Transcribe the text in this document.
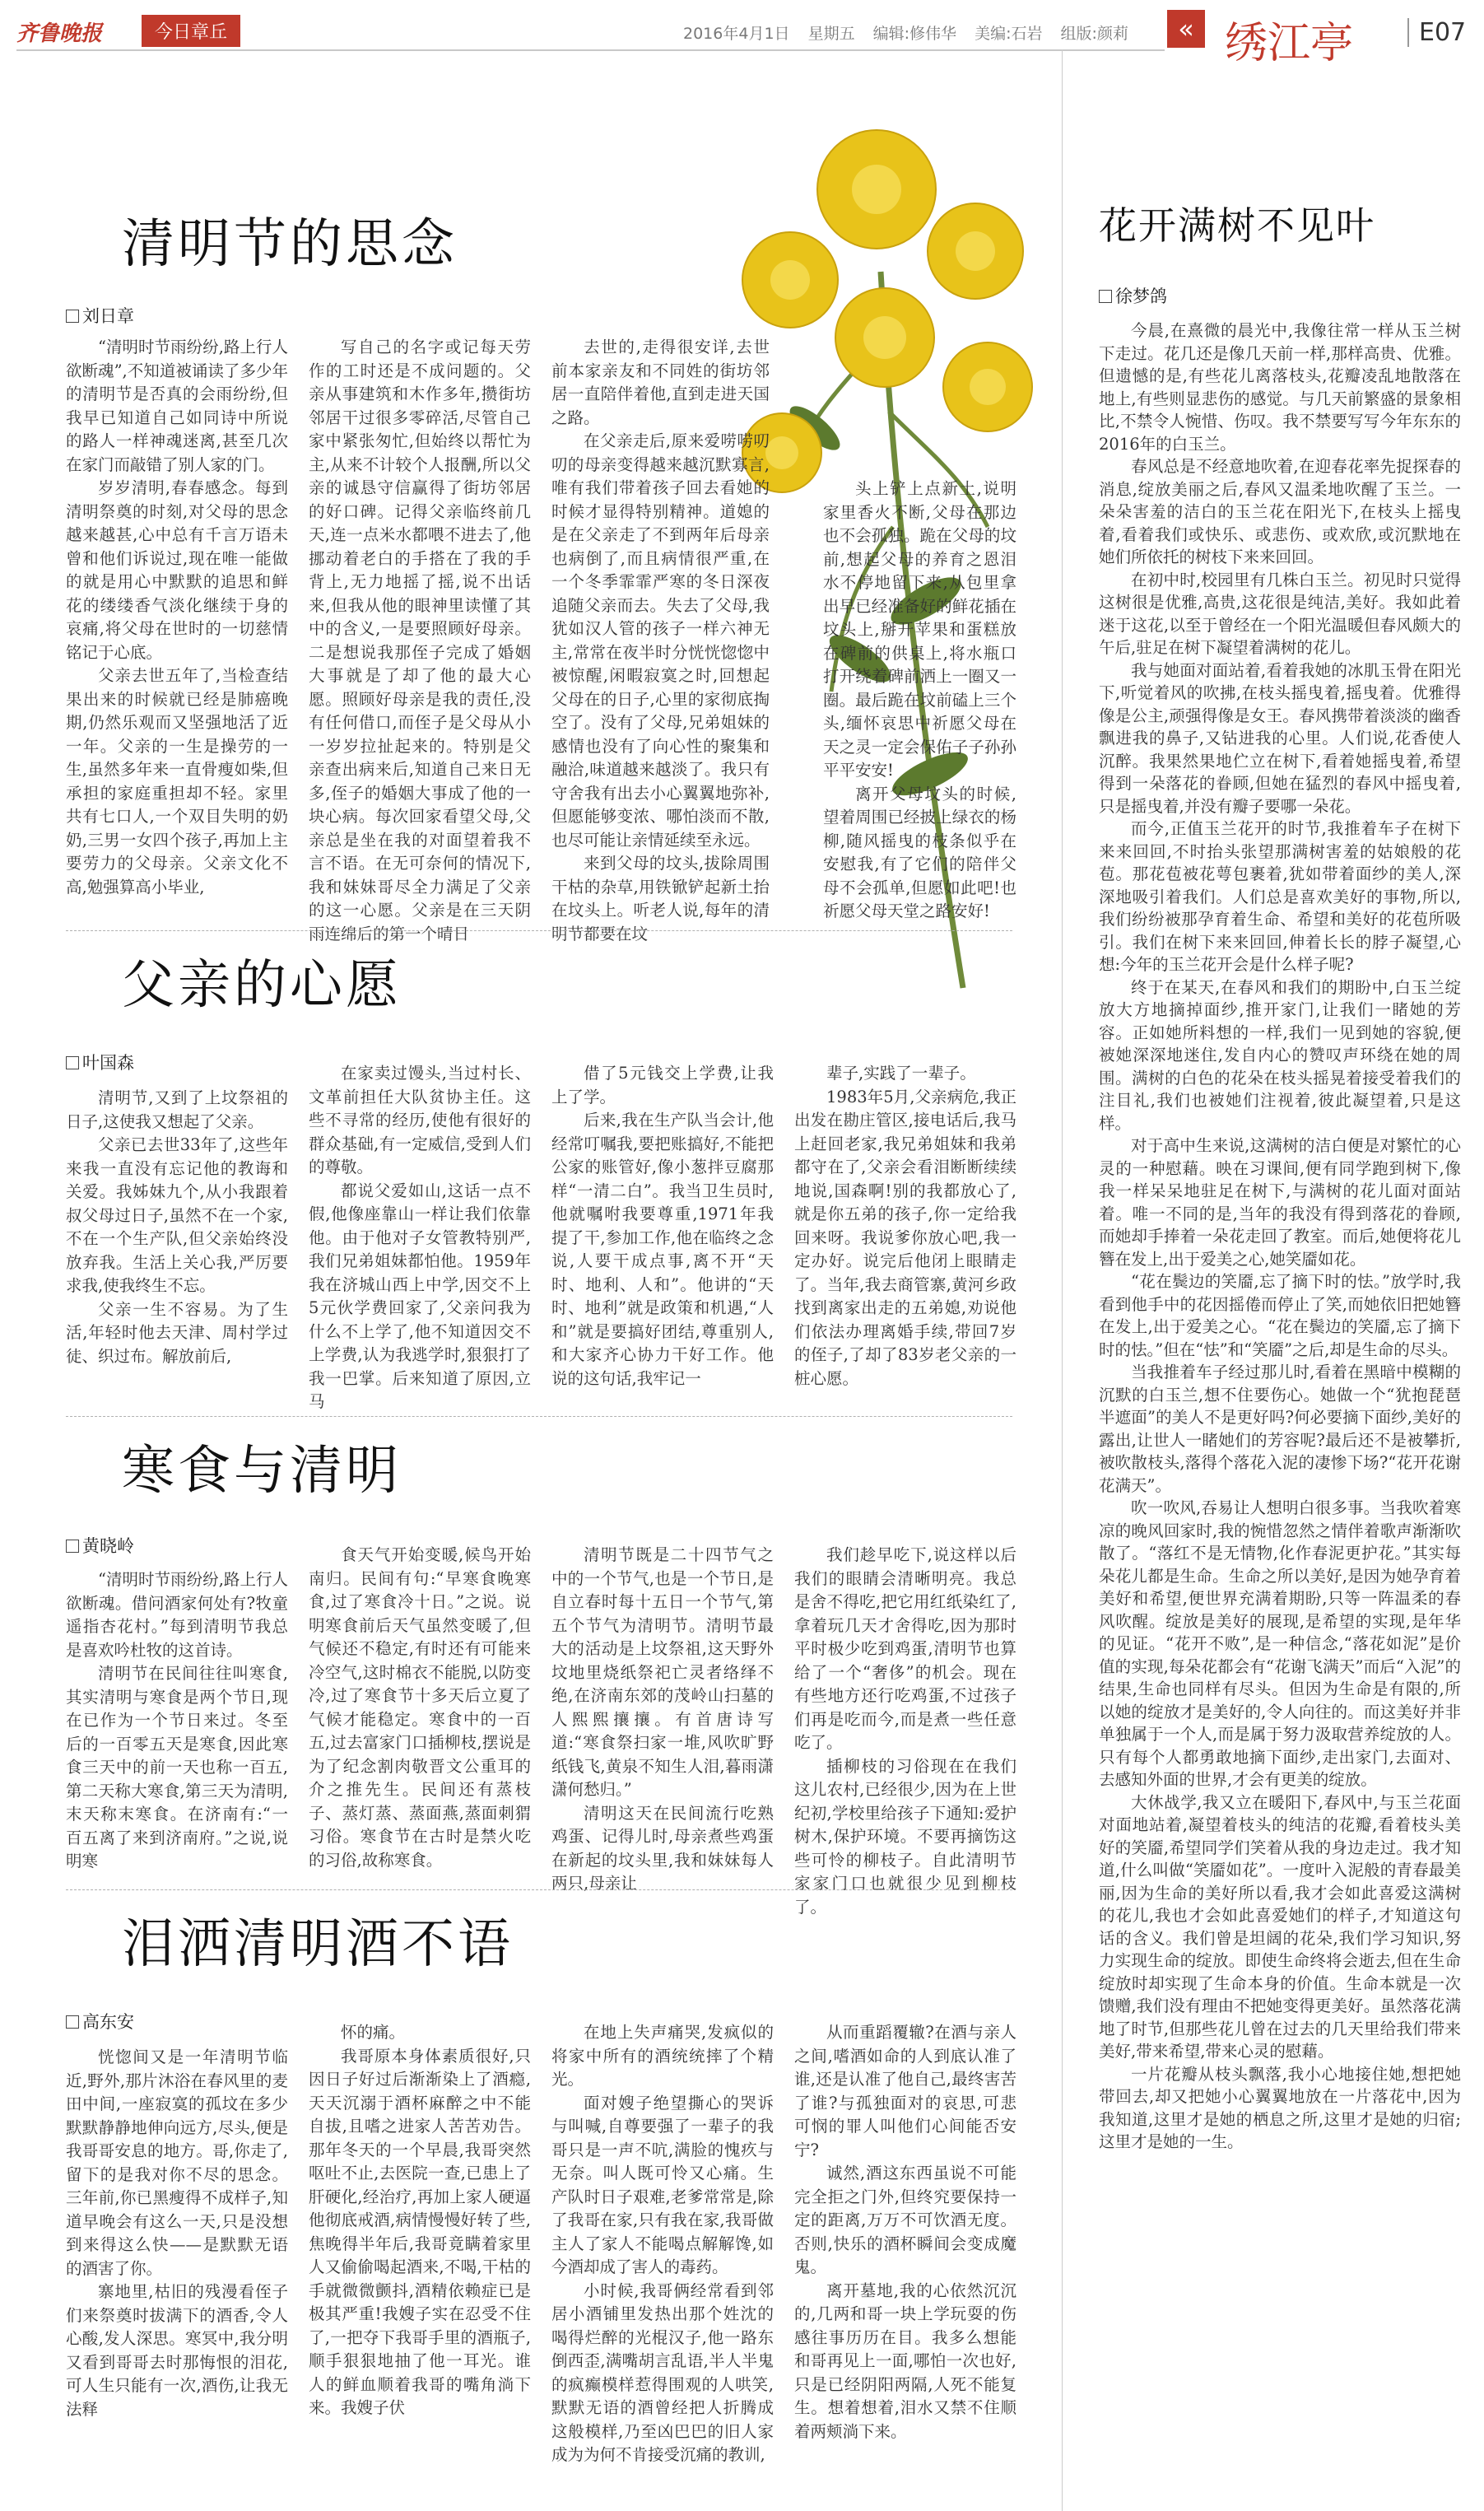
齐鲁晚报	今日章丘	2016年4月1日 星期五 编辑:修伟华 美编:石岩 组版:颜莉	« 绣江亭	E07
清明节的思念
刘日章

“清明时节雨纷纷,路上行人欲断魂”,不知道被诵读了多少年的清明节是否真的会雨纷纷,但我早已知道自己如同诗中所说的路人一样神魂迷离,甚至几次在家门而敲错了别人家的门。

岁岁清明,春春感念。每到清明祭奠的时刻,对父母的思念越来越甚,心中总有千言万语未曾和他们诉说过,现在唯一能做的就是用心中默默的追思和鲜花的缕缕香气淡化继续于身的哀痛,将父母在世时的一切慈情铭记于心底。

父亲去世五年了,当检查结果出来的时候就已经是肺癌晚期,仍然乐观而又坚强地活了近一年。父亲的一生是操劳的一生,虽然多年来一直骨瘦如柴,但承担的家庭重担却不轻。家里共有七口人,一个双目失明的奶奶,三男一女四个孩子,再加上主要劳力的父母亲。父亲文化不高,勉强算高小毕业,

写自己的名字或记每天劳作的工时还是不成问题的。父亲从事建筑和木作多年,攒街坊邻居干过很多零碎活,尽管自己家中紧张匆忙,但始终以帮忙为主,从来不计较个人报酬,所以父亲的诚恳守信赢得了街坊邻居的好口碑。记得父亲临终前几天,连一点米水都喂不进去了,他挪动着老白的手搭在了我的手背上,无力地摇了摇,说不出话来,但我从他的眼神里读懂了其中的含义,一是要照顾好母亲。二是想说我那侄子完成了婚姻大事就是了却了他的最大心愿。照顾好母亲是我的责任,没有任何借口,而侄子是父母从小一岁岁拉扯起来的。特别是父亲查出病来后,知道自己来日无多,侄子的婚姻大事成了他的一块心病。每次回家看望父母,父亲总是坐在我的对面望着我不言不语。在无可奈何的情况下,我和妹妹哥尽全力满足了父亲的这一心愿。父亲是在三天阴雨连绵后的第一个晴日

去世的,走得很安详,去世前本家亲友和不同姓的街坊邻居一直陪伴着他,直到走进天国之路。

在父亲走后,原来爱唠唠叨叨的母亲变得越来越沉默寡言,唯有我们带着孩子回去看她的时候才显得特别精神。道媳的是在父亲走了不到两年后母亲也病倒了,而且病情很严重,在一个冬季霏霏严寒的冬日深夜追随父亲而去。失去了父母,我犹如汉人管的孩子一样六神无主,常常在夜半时分恍恍惚惚中被惊醒,闲暇寂寞之时,回想起父母在的日子,心里的家彻底掏空了。没有了父母,兄弟姐妹的感情也没有了向心性的聚集和融洽,味道越来越淡了。我只有守舍我有出去小心翼翼地弥补,但愿能够变浓、哪怕淡而不散,也尽可能让亲情延续至永远。

来到父母的坟头,拔除周围干枯的杂草,用铁锨铲起新土抬在坟头上。听老人说,每年的清明节都要在坟

头上铲上点新土,说明家里香火不断,父母在那边也不会孤独。跪在父母的坟前,想起父母的养育之恩泪水不停地留下来,从包里拿出早已经准备好的鲜花插在坟头上,掰开苹果和蛋糕放在碑前的供桌上,将水瓶口打开绕着碑前洒上一圈又一圈。最后跪在坟前磕上三个头,缅怀哀思中祈愿父母在天之灵一定会保佑子子孙孙平平安安!

离开父母坟头的时候,望着周围已经披上绿衣的杨柳,随风摇曳的枝条似乎在安慰我,有了它们的陪伴父母不会孤单,但愿如此吧!也祈愿父母天堂之路安好!

父亲的心愿
叶国森

清明节,又到了上坟祭祖的日子,这使我又想起了父亲。

父亲已去世33年了,这些年来我一直没有忘记他的教诲和关爱。我姊妹九个,从小我跟着叔父母过日子,虽然不在一个家,不在一个生产队,但父亲始终没放弃我。生活上关心我,严厉要求我,使我终生不忘。

父亲一生不容易。为了生活,年轻时他去天津、周村学过徒、织过布。解放前后,

在家卖过馒头,当过村长、文革前担任大队贫协主任。这些不寻常的经历,使他有很好的群众基础,有一定威信,受到人们的尊敬。

都说父爱如山,这话一点不假,他像座靠山一样让我们依靠他。由于他对子女管教特别严,我们兄弟姐妹都怕他。1959年我在济城山西上中学,因交不上5元伙学费回家了,父亲问我为什么不上学了,他不知道因交不上学费,认为我逃学时,狠狠打了我一巴掌。后来知道了原因,立马

借了5元钱交上学费,让我上了学。

后来,我在生产队当会计,他经常叮嘱我,要把账搞好,不能把公家的账管好,像小葱拌豆腐那样“一清二白”。我当卫生员时,他就嘱咐我要尊重,1971年我提了干,参加工作,他在临终之念说,人要干成点事,离不开“天时、地利、人和”。他讲的“天时、地利”就是政策和机遇,“人和”就是要搞好团结,尊重别人,和大家齐心协力干好工作。他说的这句话,我牢记一

辈子,实践了一辈子。

1983年5月,父亲病危,我正出发在勘庄管区,接电话后,我马上赶回老家,我兄弟姐妹和我弟都守在了,父亲会看泪断断续续地说,国森啊!别的我都放心了,就是你五弟的孩子,你一定给我回来呀。我说爹你放心吧,我一定办好。说完后他闭上眼睛走了。当年,我去商管寨,黄河乡政找到离家出走的五弟媳,劝说他们依法办理离婚手续,带回7岁的侄子,了却了83岁老父亲的一桩心愿。

寒食与清明
黄晓岭

“清明时节雨纷纷,路上行人欲断魂。借问酒家何处有?牧童遥指杏花村。”每到清明节我总是喜欢吟杜牧的这首诗。

清明节在民间往往叫寒食,其实清明与寒食是两个节日,现在已作为一个节日来过。冬至后的一百零五天是寒食,因此寒食三天中的前一天也称一百五,第二天称大寒食,第三天为清明,末天称末寒食。在济南有:“一百五离了来到济南府。”之说,说明寒

食天气开始变暖,候鸟开始南归。民间有句:“早寒食晚寒食,过了寒食冷十日。”之说。说明寒食前后天气虽然变暖了,但气候还不稳定,有时还有可能来冷空气,这时棉衣不能脱,以防变冷,过了寒食节十多天后立夏了气候才能稳定。寒食中的一百五,过去富家门口插柳枝,摆说是为了纪念割肉敬晋文公重耳的介之推先生。民间还有蒸枝子、蒸灯蒸、蒸面燕,蒸面刺猬习俗。寒食节在古时是禁火吃的习俗,故称寒食。

清明节既是二十四节气之中的一个节气,也是一个节日,是自立春时每十五日一个节气,第五个节气为清明节。清明节最大的活动是上坟祭祖,这天野外坟地里烧纸祭祀亡灵者络绎不绝,在济南东郊的茂岭山扫墓的人熙熙攘攘。有首唐诗写道:“寒食祭扫家一堆,风吹旷野纸钱飞,黄泉不知生人泪,暮雨潇潇何愁归。”

清明这天在民间流行吃熟鸡蛋、记得儿时,母亲煮些鸡蛋在新起的坟头里,我和妹妹每人两只,母亲让

我们趁早吃下,说这样以后我们的眼睛会清晰明亮。我总是舍不得吃,把它用红纸染红了,拿着玩几天才舍得吃,因为那时平时极少吃到鸡蛋,清明节也算给了一个“奢侈”的机会。现在有些地方还行吃鸡蛋,不过孩子们再是吃而今,而是煮一些任意吃了。

插柳枝的习俗现在在我们这儿农村,已经很少,因为在上世纪初,学校里给孩子下通知:爱护树木,保护环境。不要再摘饬这些可怜的柳枝子。自此清明节家家门口也就很少见到柳枝了。

泪洒清明酒不语
高东安

恍惚间又是一年清明节临近,野外,那片沐浴在春风里的麦田中间,一座寂寞的孤坟在多少默默静静地伸向远方,尽头,便是我哥哥安息的地方。哥,你走了,留下的是我对你不尽的思念。三年前,你已黑瘦得不成样子,知道早晚会有这么一天,只是没想到来得这么快——是默默无语的酒害了你。

寨地里,枯旧的残漫看侄子们来祭奠时拔满下的酒香,令人心酸,发人深思。寒冥中,我分明又看到哥哥去时那悔恨的泪花,可人生只能有一次,酒伤,让我无法释

怀的痛。

我哥原本身体素质很好,只因日子好过后渐渐染上了酒瘾,天天沉溺于酒杯麻醉之中不能自拔,且嗜之进家人苦苦劝告。那年冬天的一个早晨,我哥突然呕吐不止,去医院一查,已患上了肝硬化,经治疗,再加上家人硬逼他彻底戒酒,病情慢慢好转了些,焦晚得半年后,我哥竟瞒着家里人又偷偷喝起酒来,不喝,干枯的手就微微颤抖,酒精依赖症已是极其严重!我嫂子实在忍受不住了,一把夺下我哥手里的酒瓶子,顺手狠狠地抽了他一耳光。谁人的鲜血顺着我哥的嘴角淌下来。我嫂子伏

在地上失声痛哭,发疯似的将家中所有的酒统统摔了个精光。

面对嫂子绝望撕心的哭诉与叫喊,自尊要强了一辈子的我哥只是一声不吭,满脸的愧疚与无奈。叫人既可怜又心痛。生产队时日子艰难,老爹常常是,除了我哥在家,只有我在家,我哥做主人了家人不能喝点解解馋,如今酒却成了害人的毒药。

小时候,我哥俩经常看到邻居小酒铺里发热出那个姓沈的喝得烂醉的光棍汉子,他一路东倒西歪,满嘴胡言乱语,半人半鬼的疯癫模样惹得围观的人哄笑,默默无语的酒曾经把人折腾成这般模样,乃至凶巴巴的旧人家成为为何不肯接受沉痛的教训,

从而重蹈覆辙?在酒与亲人之间,嗜酒如命的人到底认准了谁,还是认准了他自己,最终害苦了谁?与孤独面对的哀思,可悲可悯的罪人叫他们心间能否安宁?

诚然,酒这东西虽说不可能完全拒之门外,但终究要保持一定的距离,万万不可饮酒无度。否则,快乐的酒杯瞬间会变成魔鬼。

离开墓地,我的心依然沉沉的,几两和哥一块上学玩耍的伤感往事历历在目。我多么想能和哥再见上一面,哪怕一次也好,只是已经阴阳两隔,人死不能复生。想着想着,泪水又禁不住顺着两颊淌下来。

花开满树不见叶
徐梦鸽

今晨,在熹微的晨光中,我像往常一样从玉兰树下走过。花几还是像几天前一样,那样高贵、优雅。但遗憾的是,有些花儿离落枝头,花瓣凌乱地散落在地上,有些则显悲伤的感觉。与几天前繁盛的景象相比,不禁令人惋惜、伤叹。我不禁要写写今年东东的2016年的白玉兰。

春风总是不经意地吹着,在迎春花率先捉探春的消息,绽放美丽之后,春风又温柔地吹醒了玉兰。一朵朵害羞的洁白的玉兰花在阳光下,在枝头上摇曳着,看着我们或快乐、或悲伤、或欢欣,或沉默地在她们所依托的树枝下来来回回。

在初中时,校园里有几株白玉兰。初见时只觉得这树很是优雅,高贵,这花很是纯洁,美好。我如此着迷于这花,以至于曾经在一个阳光温暖但春风颇大的午后,驻足在树下凝望着满树的花儿。

我与她面对面站着,看着我她的冰肌玉骨在阳光下,听觉着风的吹拂,在枝头摇曳着,摇曳着。优雅得像是公主,顽强得像是女王。春风携带着淡淡的幽香飘进我的鼻子,又钻进我的心里。人们说,花香使人沉醉。我果然果地伫立在树下,看着她摇曳着,希望得到一朵落花的眷顾,但她在猛烈的春风中摇曳着,只是摇曳着,并没有瓣子要哪一朵花。

而今,正值玉兰花开的时节,我推着车子在树下来来回回,不时抬头张望那满树害羞的姑娘般的花苞。那花苞被花萼包裹着,犹如带着面纱的美人,深深地吸引着我们。人们总是喜欢美好的事物,所以,我们纷纷被那孕育着生命、希望和美好的花苞所吸引。我们在树下来来回回,伸着长长的脖子凝望,心想:今年的玉兰花开会是什么样子呢?

终于在某天,在春风和我们的期盼中,白玉兰绽放大方地摘掉面纱,推开家门,让我们一睹她的芳容。正如她所料想的一样,我们一见到她的容貌,便被她深深地迷住,发自内心的赞叹声环绕在她的周围。满树的白色的花朵在枝头摇晃着接受着我们的注目礼,我们也被她们注视着,彼此凝望着,只是这样。

对于高中生来说,这满树的洁白便是对繁忙的心灵的一种慰藉。映在习课间,便有同学跑到树下,像我一样呆呆地驻足在树下,与满树的花儿面对面站着。唯一不同的是,当年的我没有得到落花的眷顾,而她却手捧着一朵花走回了教室。而后,她便将花儿簪在发上,出于爱美之心,她笑靥如花。

“花在鬓边的笑靥,忘了摘下时的怯。”放学时,我看到他手中的花因摇倦而停止了笑,而她依旧把她簪在发上,出于爱美之心。“花在鬓边的笑靥,忘了摘下时的怯。”但在“怯”和“笑靥”之后,却是生命的尽头。

当我推着车子经过那儿时,看着在黑暗中模糊的沉默的白玉兰,想不住要伤心。她做一个“犹抱琵琶半遮面”的美人不是更好吗?何必要摘下面纱,美好的露出,让世人一睹她们的芳容呢?最后还不是被攀折,被吹散枝头,落得个落花入泥的凄惨下场?“花开花谢花满天”。

吹一吹风,吞易让人想明白很多事。当我吹着寒凉的晚风回家时,我的惋惜忽然之情伴着歌声渐渐吹散了。“落红不是无情物,化作春泥更护花。”其实每朵花儿都是生命。生命之所以美好,是因为她孕育着美好和希望,便世界充满着期盼,只等一阵温柔的春风吹醒。绽放是美好的展现,是希望的实现,是年华的见证。“花开不败”,是一种信念,“落花如泥”是价值的实现,每朵花都会有“花谢飞满天”而后“入泥”的结果,生命也同样有尽头。但因为生命是有限的,所以她的绽放才是美好的,令人向往的。而这美好并非单独属于一个人,而是属于努力汲取营养绽放的人。只有每个人都勇敢地摘下面纱,走出家门,去面对、去感知外面的世界,才会有更美的绽放。

大休战学,我又立在暖阳下,春风中,与玉兰花面对面地站着,凝望着枝头的纯洁的花瓣,看着枝头美好的笑靥,希望同学们笑着从我的身边走过。我才知道,什么叫做“笑靥如花”。一度叶入泥般的青春最美丽,因为生命的美好所以看,我才会如此喜爱这满树的花儿,我也才会如此喜爱她们的样子,才知道这句话的含义。我们曾是坦阔的花朵,我们学习知识,努力实现生命的绽放。即使生命终将会逝去,但在生命绽放时却实现了生命本身的价值。生命本就是一次馈赠,我们没有理由不把她变得更美好。虽然落花满地了时节,但那些花儿曾在过去的几天里给我们带来美好,带来希望,带来心灵的慰藉。

一片花瓣从枝头飘落,我小心地接住她,想把她带回去,却又把她小心翼翼地放在一片落花中,因为我知道,这里才是她的栖息之所,这里才是她的归宿;这里才是她的一生。
